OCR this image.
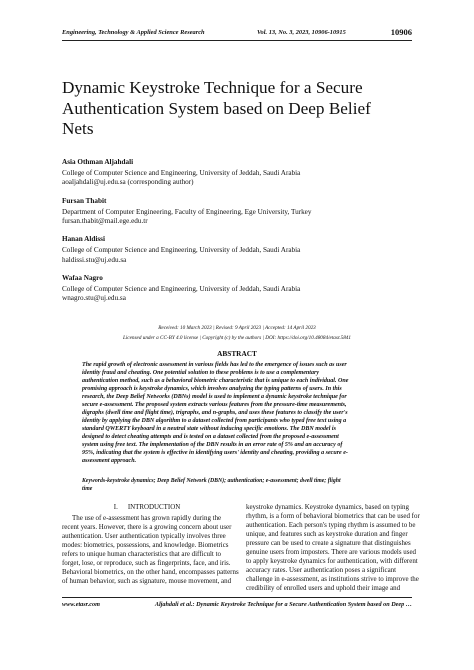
Engineering, Technology & Applied Science Research	Vol. 13, No. 3, 2023, 10906-10915	10906
Dynamic Keystroke Technique for a Secure
Authentication System based on Deep Belief
Nets
Asia Othman Aljahdali
College of Computer Science and Engineering, University of Jeddah, Saudi Arabia
aoaljahdali@uj.edu.sa (corresponding author)
Fursan Thabit
Department of Computer Engineering, Faculty of Engineering, Ege University, Turkey
fursan.thabit@mail.ege.edu.tr
Hanan Aldissi
College of Computer Science and Engineering, University of Jeddah, Saudi Arabia
haldissi.stu@uj.edu.sa
Wafaa Nagro
College of Computer Science and Engineering, University of Jeddah, Saudi Arabia
wnagro.stu@uj.edu.sa
Received: 10 March 2023 | Revised: 9 April 2023 | Accepted: 14 April 2023
Licensed under a CC-BY 4.0 license | Copyright (c) by the authors | DOI: https://doi.org/10.48084/etasr.5841
ABSTRACT
The rapid growth of electronic assessment in various fields has led to the emergence of issues such as user
identity fraud and cheating. One potential solution to these problems is to use a complementary
authentication method, such as a behavioral biometric characteristic that is unique to each individual. One
promising approach is keystroke dynamics, which involves analyzing the typing patterns of users. In this
research, the Deep Belief Networks (DBNs) model is used to implement a dynamic keystroke technique for
secure e-assessment. The proposed system extracts various features from the pressure-time measurements,
digraphs (dwell time and flight time), trigraphs, and n-graphs, and uses these features to classify the user's
identity by applying the DBN algorithm to a dataset collected from participants who typed free text using a
standard QWERTY keyboard in a neutral state without inducing specific emotions. The DBN model is
designed to detect cheating attempts and is tested on a dataset collected from the proposed e-assessment
system using free text. The implementation of the DBN results in an error rate of 5% and an accuracy of
95%, indicating that the system is effective in identifying users' identity and cheating, providing a secure e-
assessment approach.
Keywords-keystroke dynamics; Deep Belief Network (DBN); authentication; e-assessment; dwell time; flight
time
I. INTRODUCTION
The use of e-assessment has grown rapidly during the
recent years. However, there is a growing concern about user
authentication. User authentication typically involves three
modes: biometrics, possessions, and knowledge. Biometrics
refers to unique human characteristics that are difficult to
forget, lose, or reproduce, such as fingerprints, face, and iris.
Behavioral biometrics, on the other hand, encompasses patterns
of human behavior, such as signature, mouse movement, and
keystroke dynamics. Keystroke dynamics, based on typing
rhythm, is a form of behavioral biometrics that can be used for
authentication. Each person's typing rhythm is assumed to be
unique, and features such as keystroke duration and finger
pressure can be used to create a signature that distinguishes
genuine users from imposters. There are various models used
to apply keystroke dynamics for authentication, with different
accuracy rates. User authentication poses a significant
challenge in e-assessment, as institutions strive to improve the
credibility of enrolled users and uphold their image and
www.etasr.com	Aljahdali et al.: Dynamic Keystroke Technique for a Secure Authentication System based on Deep …
